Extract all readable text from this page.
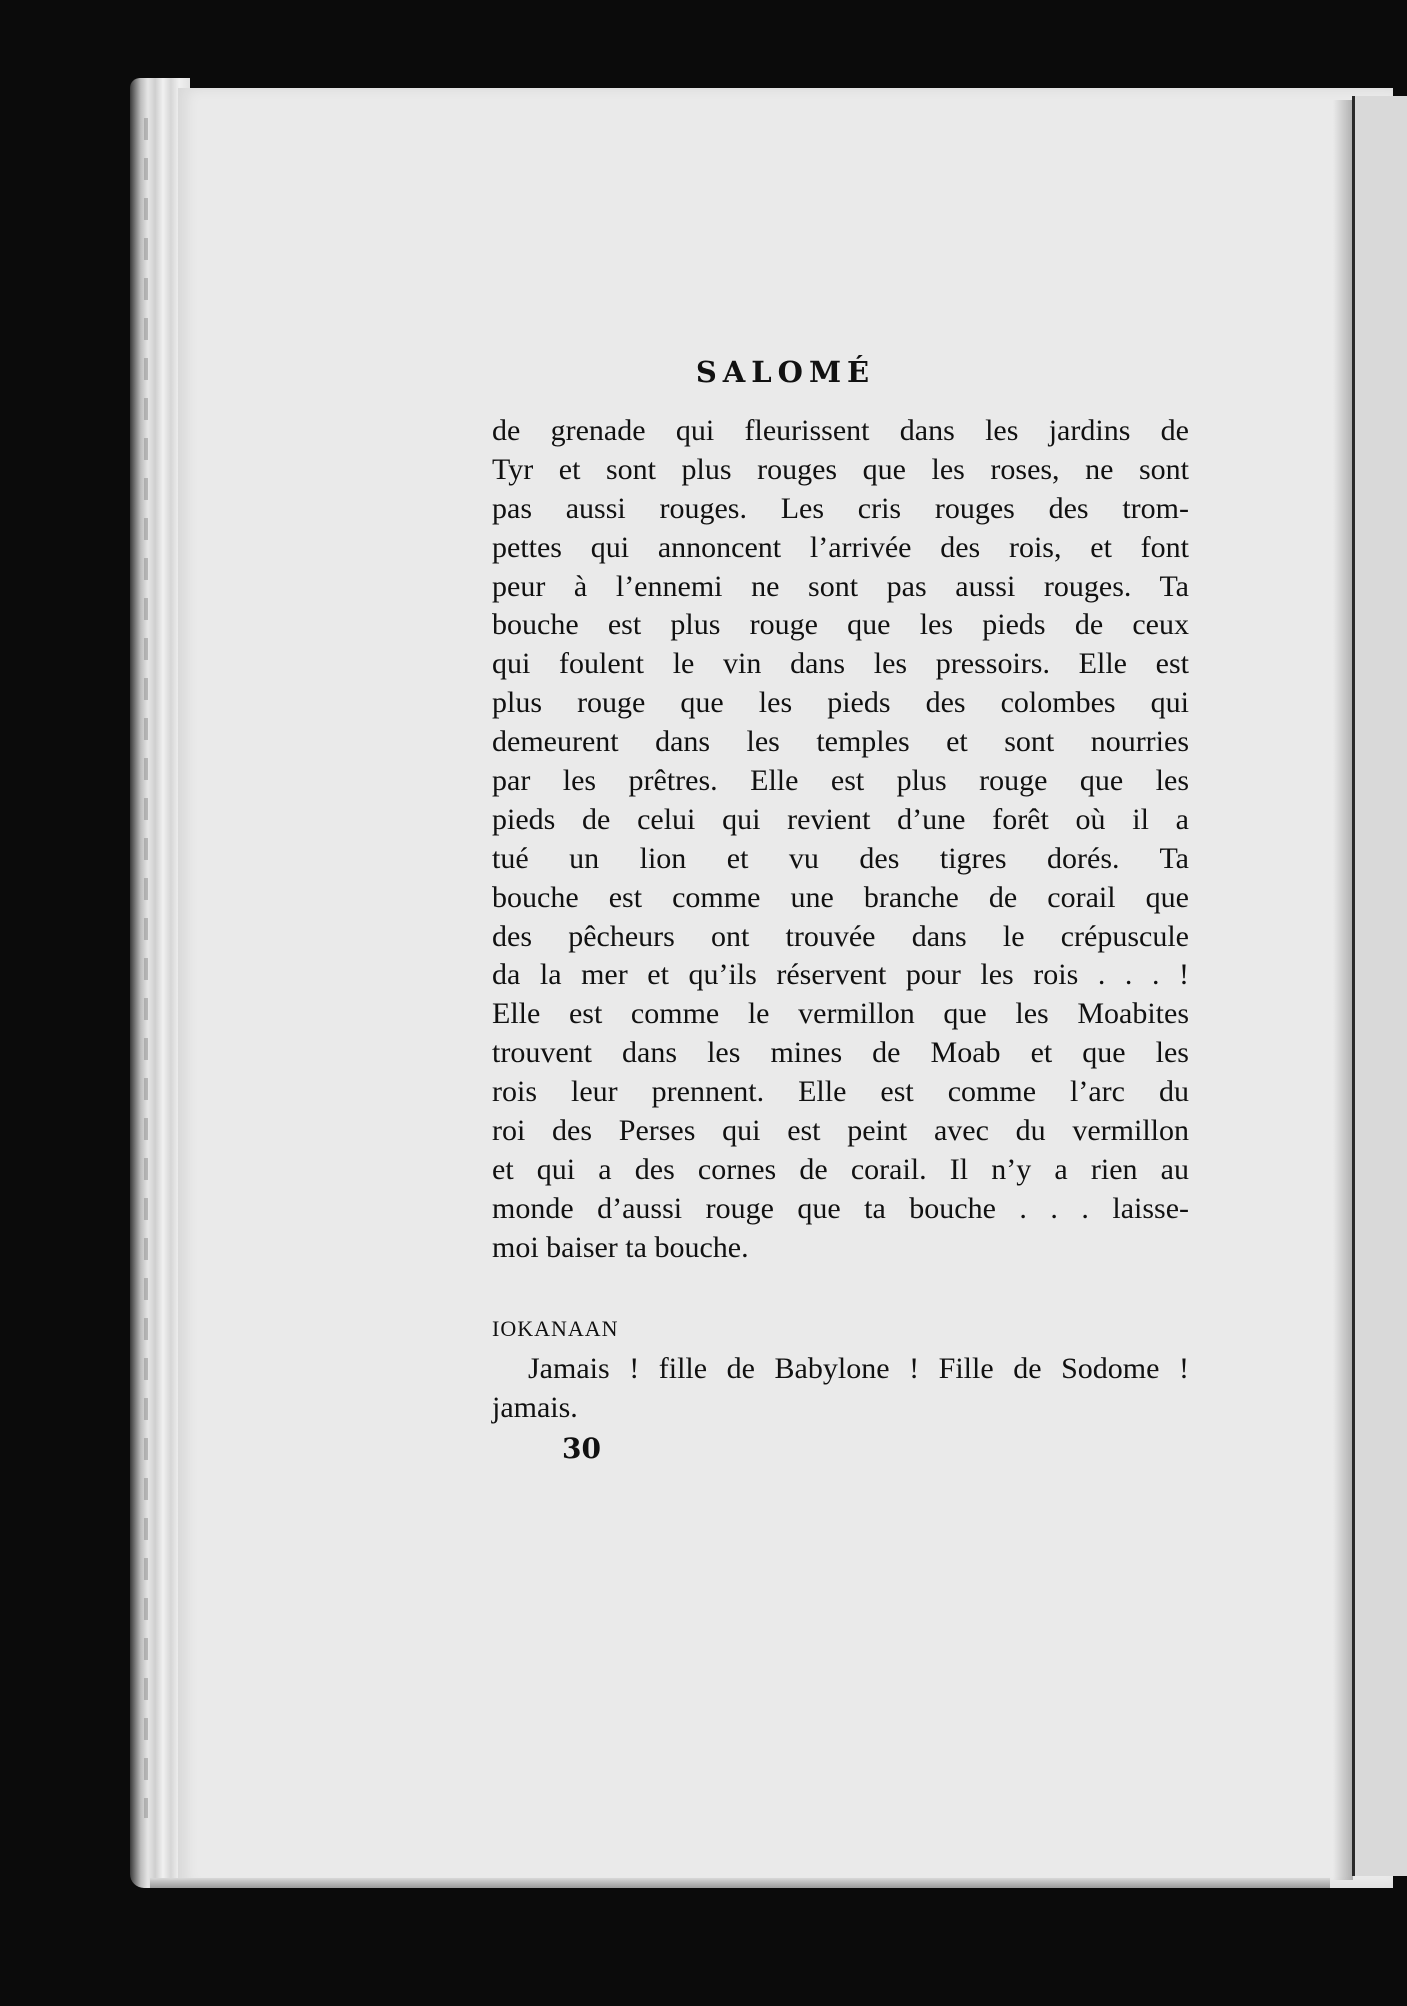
SALOMÉ
de grenade qui fleurissent dans les jardins de
Tyr et sont plus rouges que les roses, ne sont
pas aussi rouges. Les cris rouges des trom-
pettes qui annoncent l’arrivée des rois, et font
peur à l’ennemi ne sont pas aussi rouges. Ta
bouche est plus rouge que les pieds de ceux
qui foulent le vin dans les pressoirs. Elle est
plus rouge que les pieds des colombes qui
demeurent dans les temples et sont nourries
par les prêtres. Elle est plus rouge que les
pieds de celui qui revient d’une forêt où il a
tué un lion et vu des tigres dorés. Ta
bouche est comme une branche de corail que
des pêcheurs ont trouvée dans le crépuscule
da la mer et qu’ils réservent pour les rois . . . !
Elle est comme le vermillon que les Moabites
trouvent dans les mines de Moab et que les
rois leur prennent. Elle est comme l’arc du
roi des Perses qui est peint avec du vermillon
et qui a des cornes de corail. Il n’y a rien au
monde d’aussi rouge que ta bouche . . . laisse-
moi baiser ta bouche.
IOKANAAN
Jamais ! fille de Babylone ! Fille de Sodome !
jamais.
30
